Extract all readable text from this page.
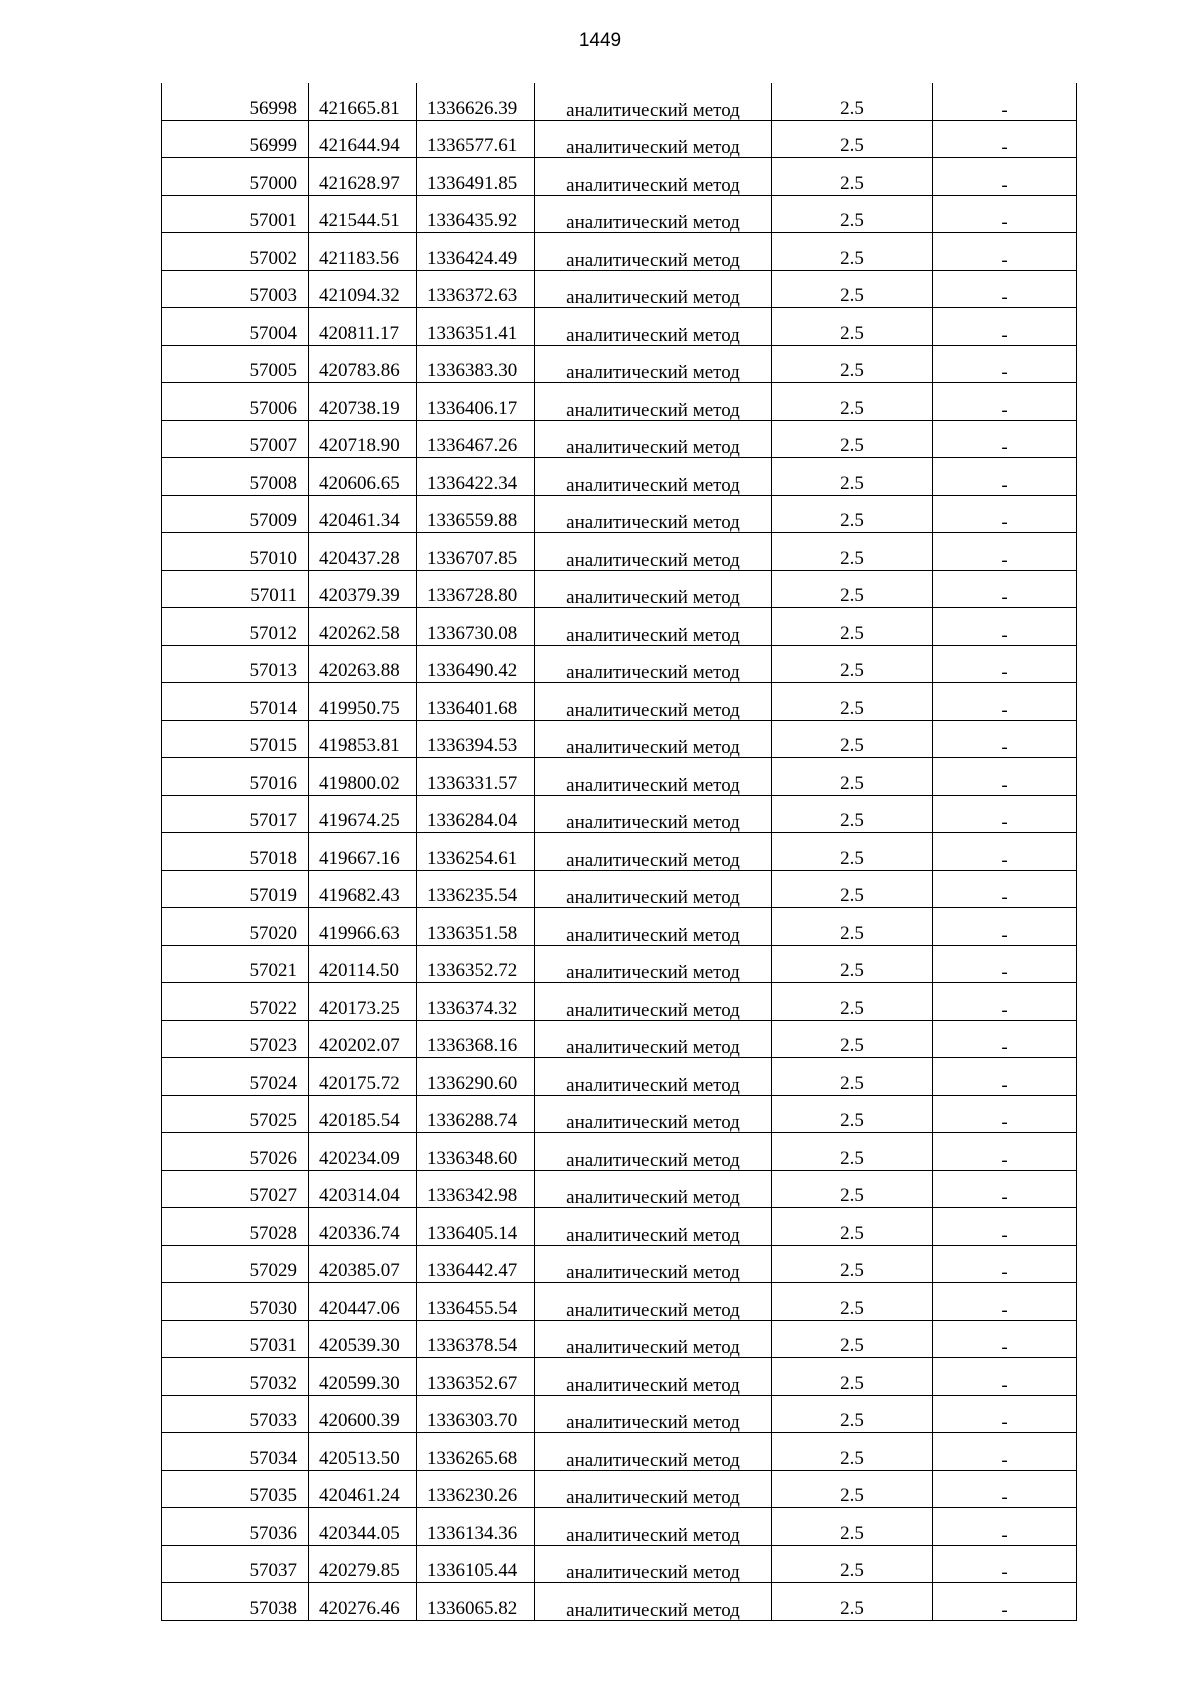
1449
56998	421665.81	1336626.39	аналитический метод	2.5	-

56999	421644.94	1336577.61	аналитический метод	2.5	-

57000	421628.97	1336491.85	аналитический метод	2.5	-

57001	421544.51	1336435.92	аналитический метод	2.5	-

57002	421183.56	1336424.49	аналитический метод	2.5	-

57003	421094.32	1336372.63	аналитический метод	2.5	-

57004	420811.17	1336351.41	аналитический метод	2.5	-

57005	420783.86	1336383.30	аналитический метод	2.5	-

57006	420738.19	1336406.17	аналитический метод	2.5	-

57007	420718.90	1336467.26	аналитический метод	2.5	-

57008	420606.65	1336422.34	аналитический метод	2.5	-

57009	420461.34	1336559.88	аналитический метод	2.5	-

57010	420437.28	1336707.85	аналитический метод	2.5	-

57011	420379.39	1336728.80	аналитический метод	2.5	-

57012	420262.58	1336730.08	аналитический метод	2.5	-

57013	420263.88	1336490.42	аналитический метод	2.5	-

57014	419950.75	1336401.68	аналитический метод	2.5	-

57015	419853.81	1336394.53	аналитический метод	2.5	-

57016	419800.02	1336331.57	аналитический метод	2.5	-

57017	419674.25	1336284.04	аналитический метод	2.5	-

57018	419667.16	1336254.61	аналитический метод	2.5	-

57019	419682.43	1336235.54	аналитический метод	2.5	-

57020	419966.63	1336351.58	аналитический метод	2.5	-

57021	420114.50	1336352.72	аналитический метод	2.5	-

57022	420173.25	1336374.32	аналитический метод	2.5	-

57023	420202.07	1336368.16	аналитический метод	2.5	-

57024	420175.72	1336290.60	аналитический метод	2.5	-

57025	420185.54	1336288.74	аналитический метод	2.5	-

57026	420234.09	1336348.60	аналитический метод	2.5	-

57027	420314.04	1336342.98	аналитический метод	2.5	-

57028	420336.74	1336405.14	аналитический метод	2.5	-

57029	420385.07	1336442.47	аналитический метод	2.5	-

57030	420447.06	1336455.54	аналитический метод	2.5	-

57031	420539.30	1336378.54	аналитический метод	2.5	-

57032	420599.30	1336352.67	аналитический метод	2.5	-

57033	420600.39	1336303.70	аналитический метод	2.5	-

57034	420513.50	1336265.68	аналитический метод	2.5	-

57035	420461.24	1336230.26	аналитический метод	2.5	-

57036	420344.05	1336134.36	аналитический метод	2.5	-

57037	420279.85	1336105.44	аналитический метод	2.5	-

57038	420276.46	1336065.82	аналитический метод	2.5	-
